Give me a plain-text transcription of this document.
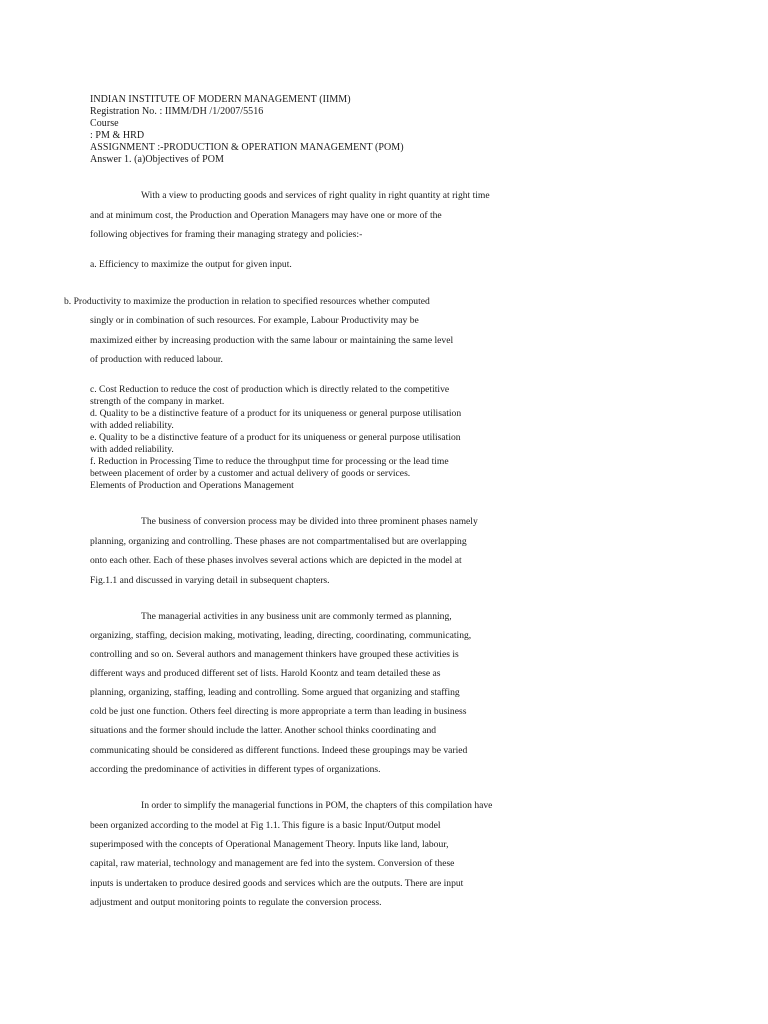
INDIAN INSTITUTE OF MODERN MANAGEMENT (IIMM)

Registration No. : IIMM/DH /1/2007/5516

Course

: PM & HRD

ASSIGNMENT :-PRODUCTION & OPERATION MANAGEMENT (POM)

Answer 1. (a)Objectives of POM

With a view to producting goods and services of right quality in right quantity at right time

and at minimum cost, the Production and Operation Managers may have one or more of the

following objectives for framing their managing strategy and policies:-

a. Efficiency to maximize the output for given input.

b. Productivity to maximize the production in relation to specified resources whether computed

singly or in combination of such resources. For example, Labour Productivity may be

maximized either by increasing production with the same labour or maintaining the same level

of production with reduced labour.

c. Cost Reduction to reduce the cost of production which is directly related to the competitive

strength of the company in market.

d. Quality to be a distinctive feature of a product for its uniqueness or general purpose utilisation

with added reliability.

e. Quality to be a distinctive feature of a product for its uniqueness or general purpose utilisation

with added reliability.

f. Reduction in Processing Time to reduce the throughput time for processing or the lead time

between placement of order by a customer and actual delivery of goods or services.

Elements of Production and Operations Management

The business of conversion process may be divided into three prominent phases namely

planning, organizing and controlling. These phases are not compartmentalised but are overlapping

onto each other. Each of these phases involves several actions which are depicted in the model at

Fig.1.1 and discussed in varying detail in subsequent chapters.

The managerial activities in any business unit are commonly termed as planning,

organizing, staffing, decision making, motivating, leading, directing, coordinating, communicating,

controlling and so on. Several authors and management thinkers have grouped these activities is

different ways and produced different set of lists. Harold Koontz and team detailed these as

planning, organizing, staffing, leading and controlling. Some argued that organizing and staffing

cold be just one function. Others feel directing is more appropriate a term than leading in business

situations and the former should include the latter. Another school thinks coordinating and

communicating should be considered as different functions. Indeed these groupings may be varied

according the predominance of activities in different types of organizations.

In order to simplify the managerial functions in POM, the chapters of this compilation have

been organized according to the model at Fig 1.1. This figure is a basic Input/Output model

superimposed with the concepts of Operational Management Theory. Inputs like land, labour,

capital, raw material, technology and management are fed into the system. Conversion of these

inputs is undertaken to produce desired goods and services which are the outputs. There are input

adjustment and output monitoring points to regulate the conversion process.
